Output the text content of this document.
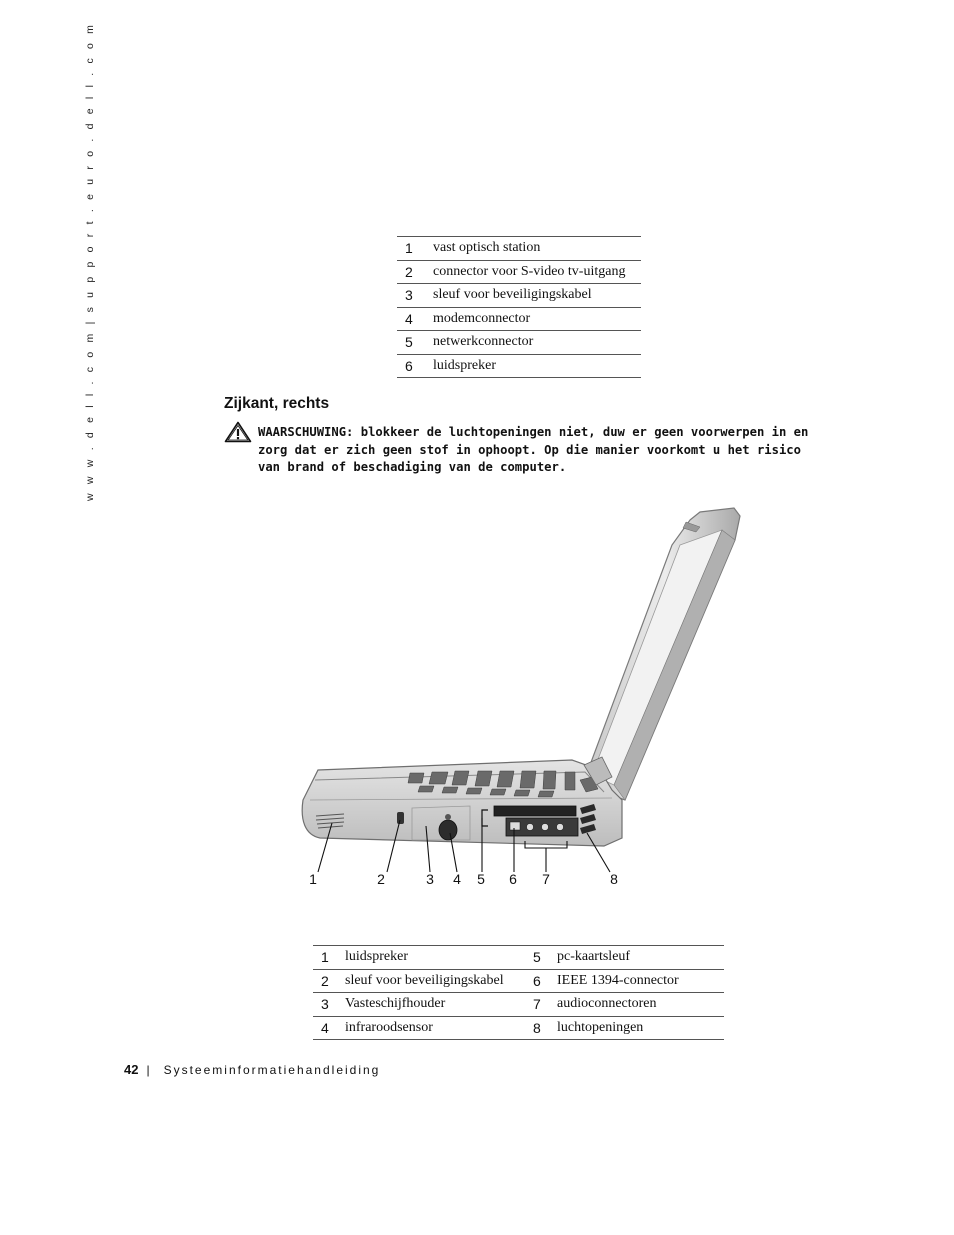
w w w . d e l l . c o m | s u p p o r t . e u r o . d e l l . c o m	1	vast optisch station
2	connector voor S-video tv-uitgang
3	sleuf voor beveiligingskabel
4	modemconnector
5	netwerkconnector
6	luidspreker
Zijkant, rechts

WAARSCHUWING: blokkeer de luchtopeningen niet, duw er geen voorwerpen in en zorg dat er zich geen stof in ophoopt. Op die manier voorkomt u het risico van brand of beschadiging van de computer.

1	2	3 4 5 6 7	8
1	luidspreker	5	pc-kaartsleuf
2	sleuf voor beveiligingskabel	6	IEEE 1394-connector
3	Vasteschijfhouder	7	audioconnectoren
4	infraroodsensor	8	luchtopeningen
42 | Systeeminformatiehandleiding
